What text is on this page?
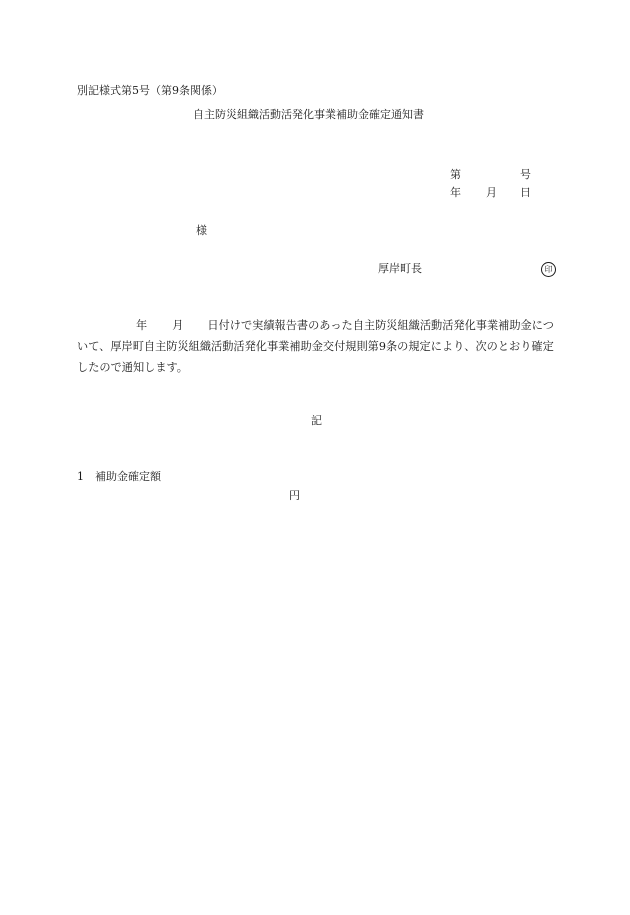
別記様式第5号（第9条関係）
自主防災組織活動活発化事業補助金確定通知書
第	号
年 月 日
様
厚岸町長	印
年 月 日付けで実績報告書のあった自主防災組織活動活発化事業補助金について、厚岸町自主防災組織活動活発化事業補助金交付規則第9条の規定により、次のとおり確定したので通知します。
記
1 補助金確定額
円
